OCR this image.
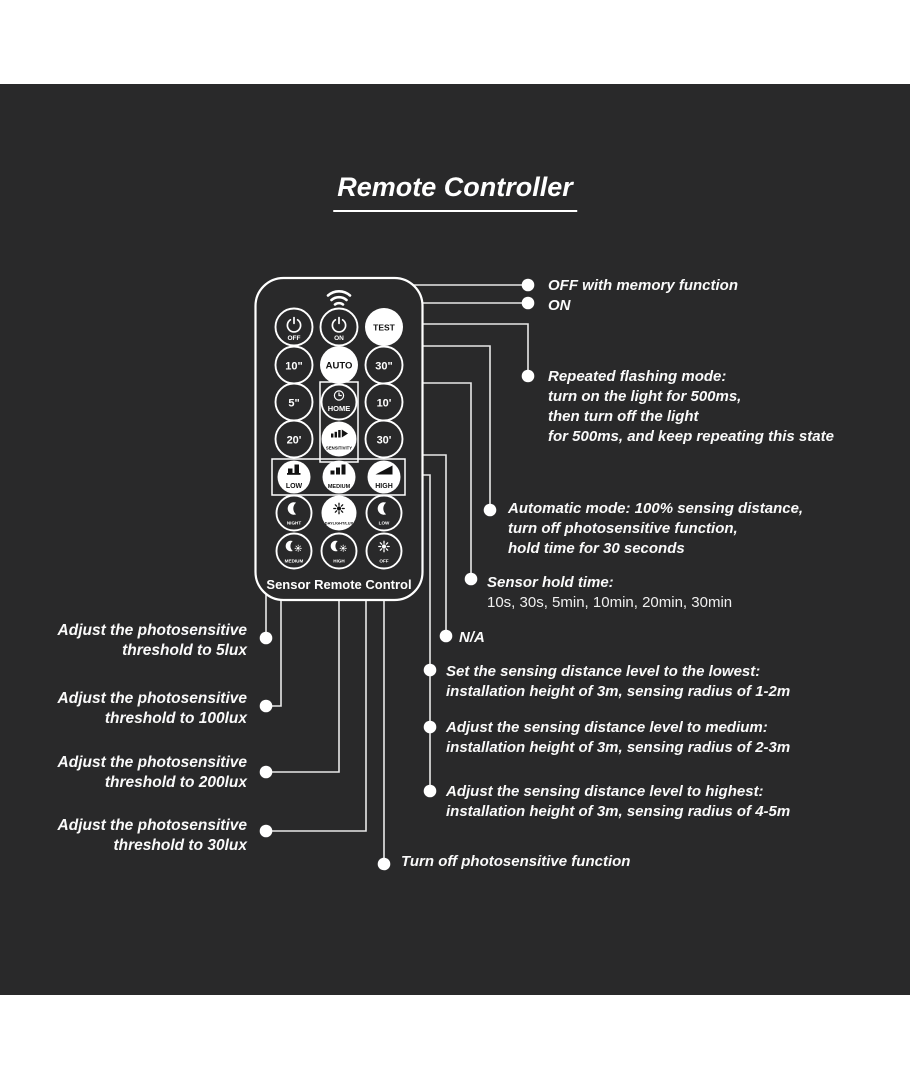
Remote Controller
OFF	ON
TEST
10" AUTO 30"
5"	HOME 10'
20'
SENSITIVITY
30'
LOW	MEDIUM	HIGH
NIGHT	DAYLIGHT/LUX	LOW
MEDIUM	HIGH	OFF
Sensor Remote Control
OFF with memory function
ON
Repeated flashing mode:
turn on the light for 500ms,
then turn off the light
for 500ms, and keep repeating this state
Automatic mode: 100% sensing distance,
turn off photosensitive function,
hold time for 30 seconds
Sensor hold time:
10s, 30s, 5min, 10min, 20min, 30min
N/A
Set the sensing distance level to the lowest:
installation height of 3m, sensing radius of 1-2m
Adjust the sensing distance level to medium:
installation height of 3m, sensing radius of 2-3m
Adjust the sensing distance level to highest:
installation height of 3m, sensing radius of 4-5m
Turn off photosensitive function
Adjust the photosensitive
threshold to 5lux
Adjust the photosensitive
threshold to 100lux
Adjust the photosensitive
threshold to 200lux
Adjust the photosensitive
threshold to 30lux
